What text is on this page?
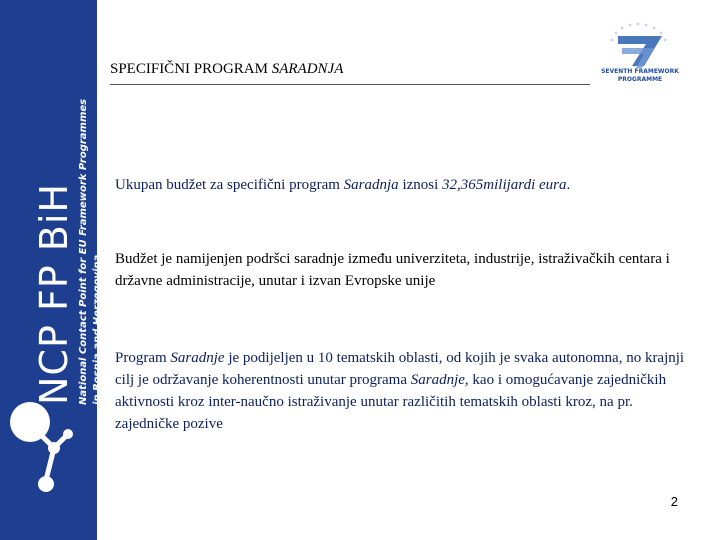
NCP FP BiH National Contact Point for EU Framework Programmes in Bosnia and Herzegovina
SPECIFIČNI PROGRAM SARADNJA	SEVENTH FRAMEWORK
PROGRAMME
Ukupan budžet za specifični program Saradnja iznosi 32,365milijardi eura.
Budžet je namijenjen podršci saradnje između univerziteta, industrije, istraživačkih centara i državne administracije, unutar i izvan Evropske unije
Program Saradnje je podijeljen u 10 tematskih oblasti, od kojih je svaka autonomna, no krajnji cilj je održavanje koherentnosti unutar programa Saradnje, kao i omogućavanje zajedničkih aktivnosti kroz inter-naučno istraživanje unutar različitih tematskih oblasti kroz, na pr. zajedničke pozive
2
